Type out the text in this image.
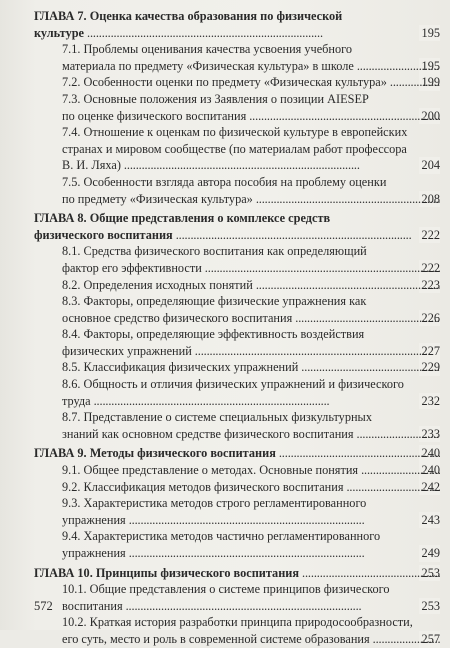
ГЛАВА 7. Оценка качества образования по физической
культуре	195
. . .
7.1. Проблемы оценивания качества усвоения учебного
материала по предмету «Физическая культура» в школе	195
. . .
7.2. Особенности оценки по предмету «Физическая культура»	199
. . .
7.3. Основные положения из Заявления о позиции AIESEP
по оценке физического воспитания	200
. . .
7.4. Отношение к оценкам по физической культуре в европейских
странах и мировом сообществе (по материалам работ профессора
В. И. Ляха)	204
. . .
7.5. Особенности взгляда автора пособия на проблему оценки
по предмету «Физическая культура»	208
. . .
ГЛАВА 8. Общие представления о комплексе средств
физического воспитания	222
. . .
8.1. Средства физического воспитания как определяющий
фактор его эффективности	222
. . .
8.2. Определения исходных понятий	223
. . .
8.3. Факторы, определяющие физические упражнения как
основное средство физического воспитания	226
. . .
8.4. Факторы, определяющие эффективность воздействия
физических упражнений	227
. . .
8.5. Классификация физических упражнений	229
. . .
8.6. Общность и отличия физических упражнений и физического
труда	232
. . .
8.7. Представление о системе специальных физкультурных
знаний как основном средстве физического воспитания	233
. . .
ГЛАВА 9. Методы физического воспитания	240
. . .
9.1. Общее представление о методах. Основные понятия	240
. . .
9.2. Классификация методов физического воспитания	242
. . .
9.3. Характеристика методов строго регламентированного
упражнения	243
. . .
9.4. Характеристика методов частично регламентированного
упражнения	249
. . .
ГЛАВА 10. Принципы физического воспитания	253
. . .
10.1. Общие представления о системе принципов физического
воспитания	253
. . .
10.2. Краткая история разработки принципа природосообразности,
его суть, место и роль в современной системе образования	257
. . .
572
